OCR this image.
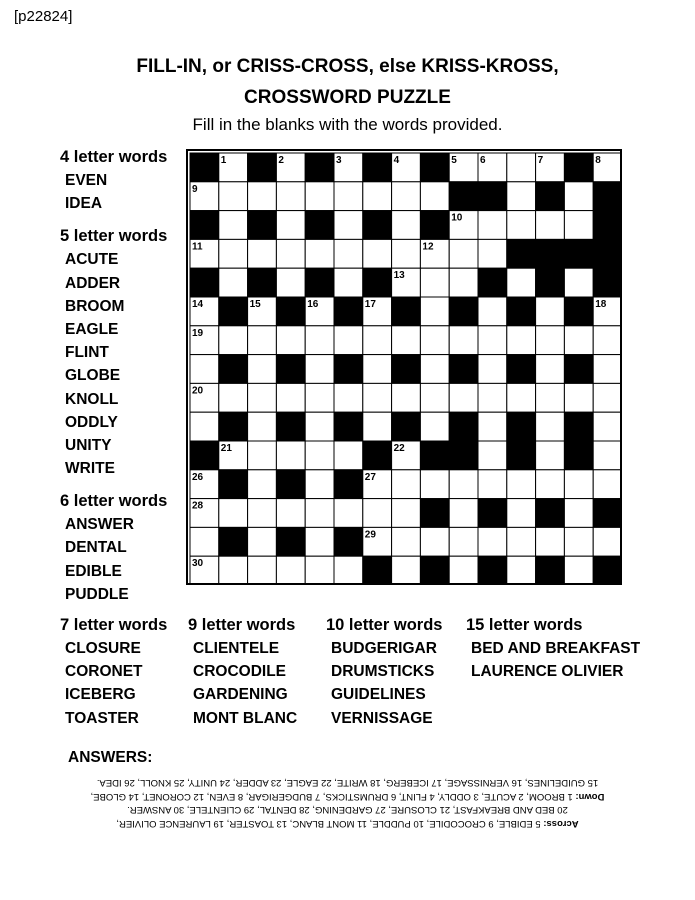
[p22824]
FILL-IN, or CRISS-CROSS, else KRISS-KROSS,
CROSSWORD PUZZLE
Fill in the blanks with the words provided.
4 letter words
EVEN
IDEA
5 letter words
ACUTE
ADDER
BROOM
EAGLE
FLINT
GLOBE
KNOLL
ODDLY
UNITY
WRITE
6 letter words
ANSWER
DENTAL
EDIBLE
PUDDLE
1	2	3	4	5 6	7	8
9
10
11	12
13
14	15	16	17	18
19
20
21	22	23	24	25
26	27
28
29
30
7 letter words
CLOSURE
CORONET
ICEBERG
TOASTER
9 letter words
CLIENTELE
CROCODILE
GARDENING
MONT BLANC
10 letter words
BUDGERIGAR
DRUMSTICKS
GUIDELINES
VERNISSAGE
15 letter words
BED AND BREAKFAST
LAURENCE OLIVIER
ANSWERS:
Across: 5 EDIBLE, 9 CROCODILE, 10 PUDDLE, 11 MONT BLANC, 13 TOASTER, 19 LAURENCE OLIVIER,
20 BED AND BREAKFAST, 21 CLOSURE, 27 GARDENING, 28 DENTAL, 29 CLIENTELE, 30 ANSWER.
Down: 1 BROOM, 2 ACUTE, 3 ODDLY, 4 FLINT, 6 DRUMSTICKS, 7 BUDGERIGAR, 8 EVEN, 12 CORONET, 14 GLOBE,
15 GUIDELINES, 16 VERNISSAGE, 17 ICEBERG, 18 WRITE, 22 EAGLE, 23 ADDER, 24 UNITY, 25 KNOLL, 26 IDEA.
